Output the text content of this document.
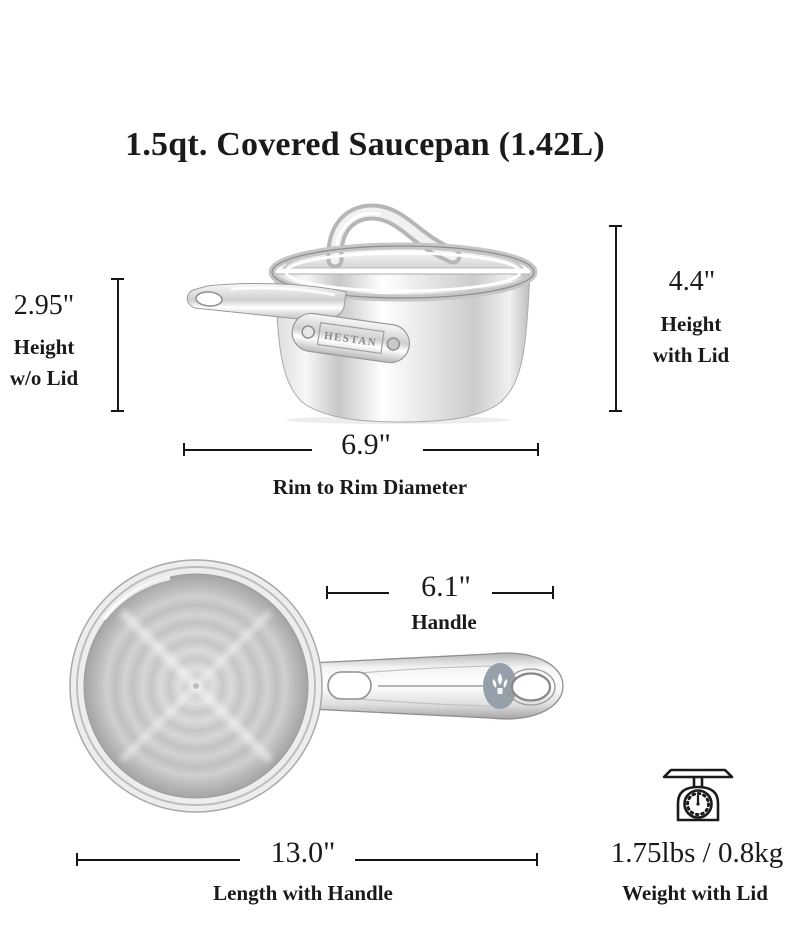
1.5qt. Covered Saucepan (1.42L)
2.95"
Height
w/o Lid
4.4"
Height
with Lid
HESTAN
6.9"
Rim to Rim Diameter
6.1"
Handle
13.0"
Length with Handle
1.75lbs / 0.8kg
Weight with Lid
